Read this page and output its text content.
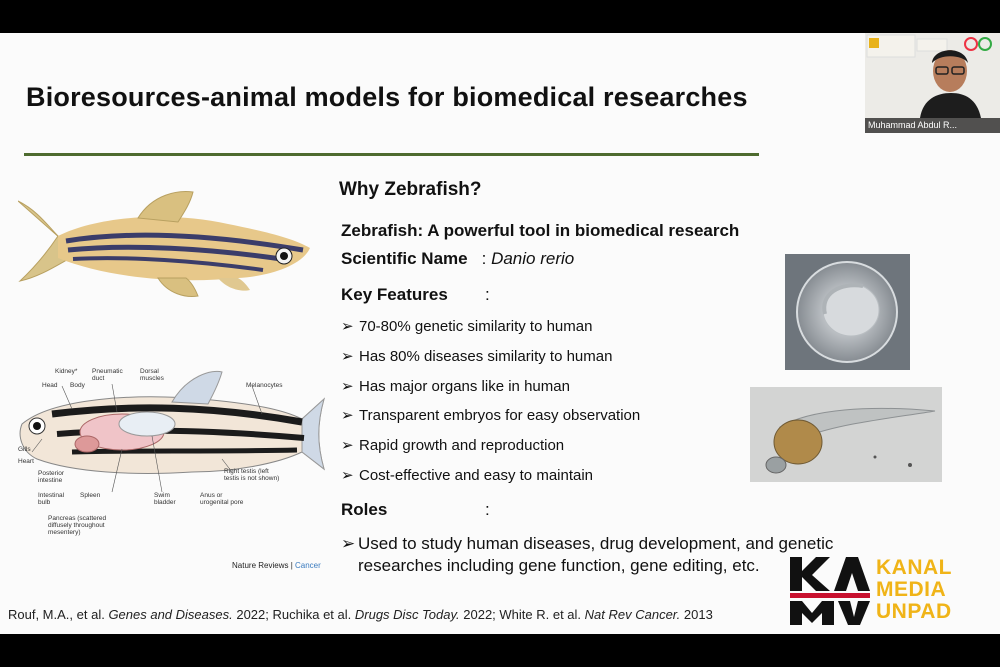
Bioresources-animal models for biomedical researches
Kidney*
Head Body
Pneumatic duct
Dorsal muscles
Melanocytes
Gills
Heart
Posterior intestine
Intestinal bulb
Spleen	Swim bladder
Anus or urogenital pore
Right testis (left testis is not shown)
Pancreas (scattered diffusely throughout mesentery)
Nature Reviews | Cancer
Why Zebrafish?
Zebrafish: A powerful tool in biomedical research
Scientific Name : Danio rerio
Key Features :
➢ 70-80% genetic similarity to human
➢ Has 80% diseases similarity to human
➢ Has major organs like in human
➢ Transparent embryos for easy observation
➢ Rapid growth and reproduction
➢ Cost-effective and easy to maintain
Roles	:
➢ Used to study human diseases, drug development, and genetic
researches including gene function, gene editing, etc.
Rouf, M.A., et al. Genes and Diseases. 2022; Ruchika et al. Drugs Disc Today. 2022; White R. et al. Nat Rev Cancer. 2013
KANAL
MEDIA
UNPAD
Muhammad Abdul R...
